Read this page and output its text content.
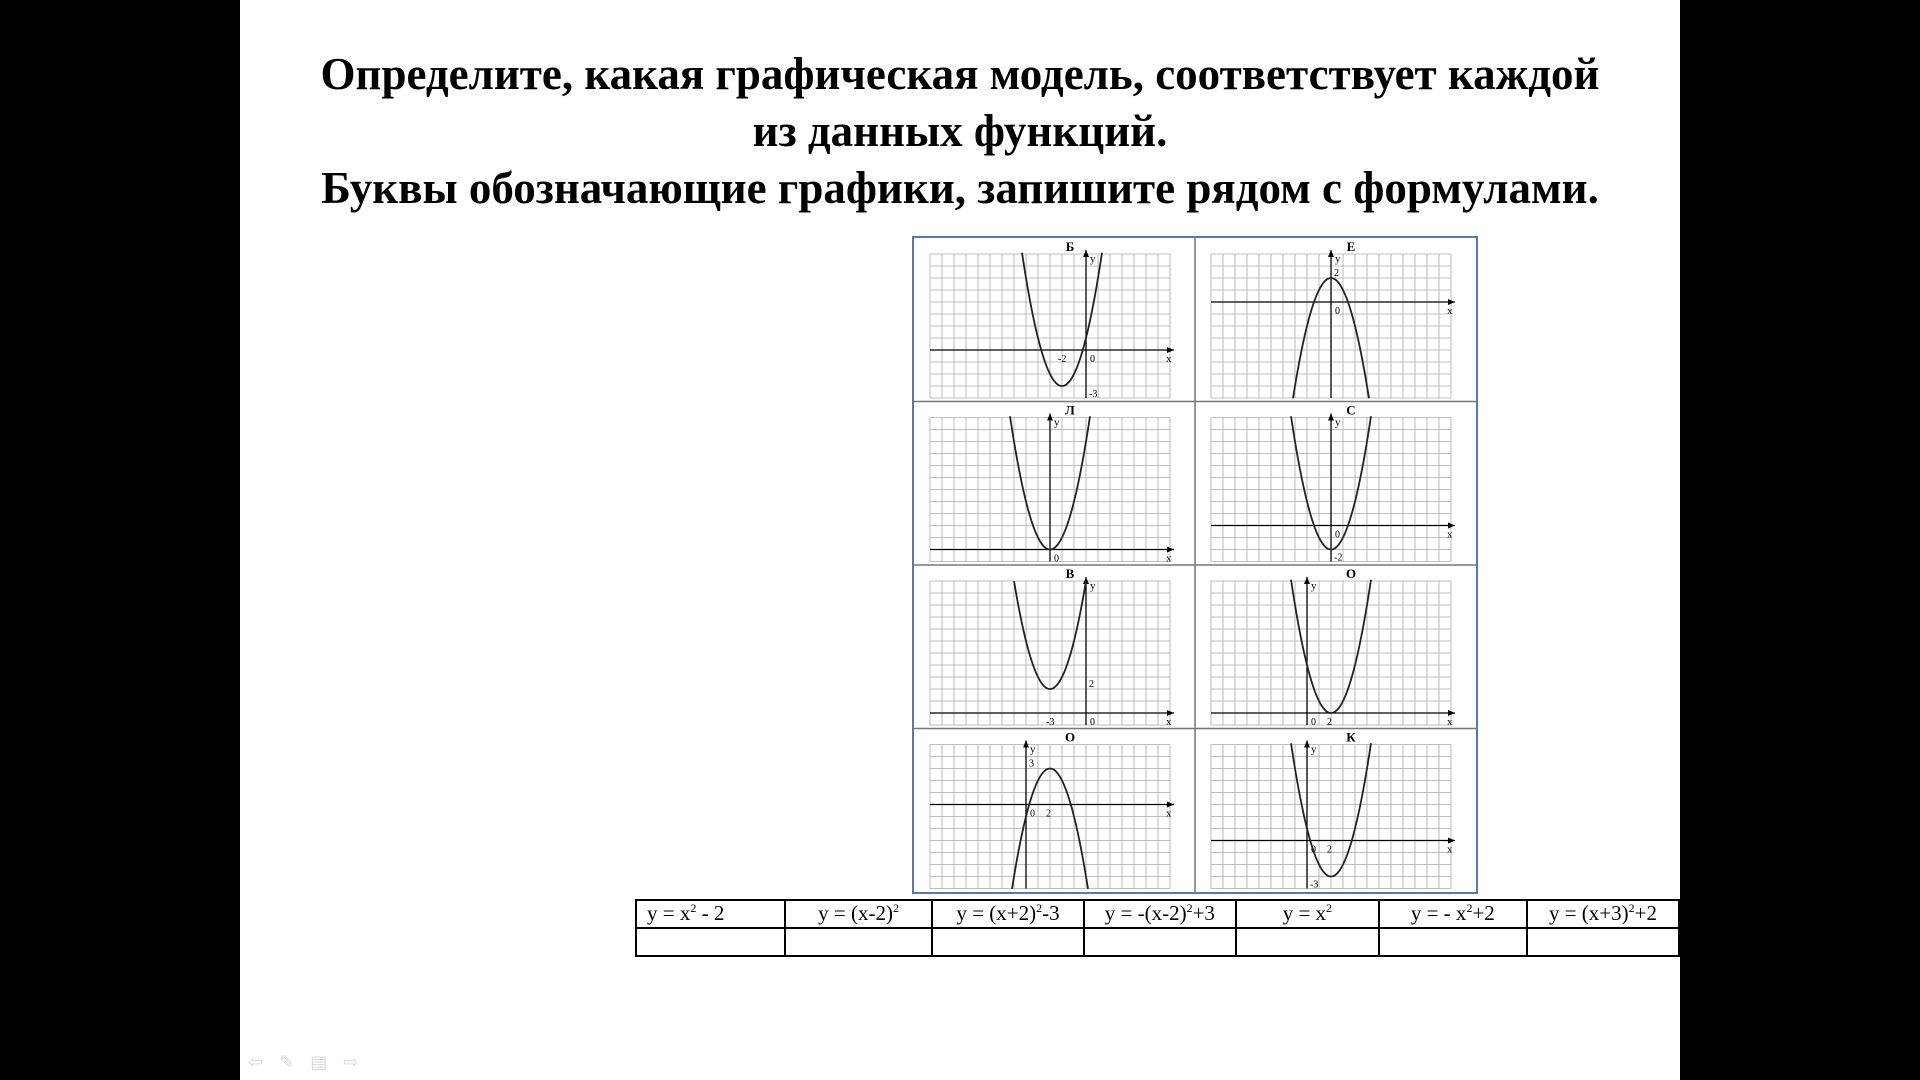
Определите, какая графическая модель, соответствует каждой
из данных функций.
Буквы обозначающие графики, запишите рядом с формулами.
Б
x
y
0
-2
-3
Е
x
y
0
2
Л
x
y
0
С
x
y
0
-2
В
x
y
0
2
-3
О
x
y
0 2
О
x
y
0
3
2
К
x
y
0 2
-3
$y = x^2 - 2$	$y = (x-2)^2$	$y = (x+2)^2-3$	$y = -(x-2)^2+3$	$y = x^2$	y = - $x^2+2$	$y = (x+3)^2+2$

⇦ ✎ ▤ ⇨
